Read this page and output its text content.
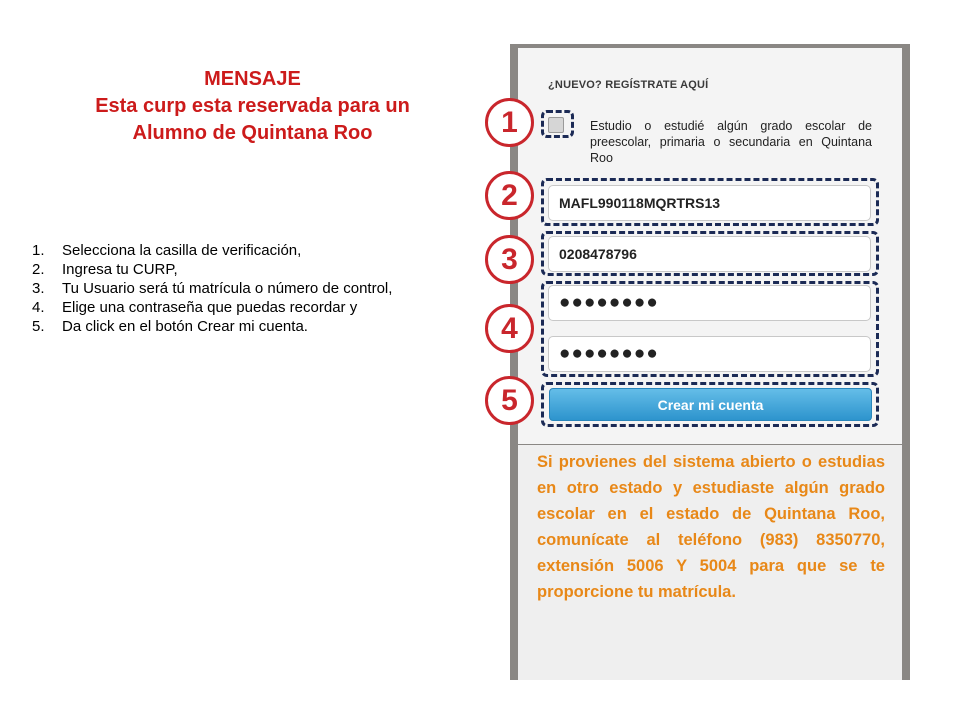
MENSAJE
Esta curp esta reservada para un
Alumno de Quintana Roo
1. Selecciona la casilla de verificación,
2. Ingresa tu CURP,
3. Tu Usuario será tú matrícula o número de control,
4. Elige una contraseña que puedas recordar y
5. Da click en el botón Crear mi cuenta.
¿NUEVO? REGÍSTRATE AQUÍ
Estudio o estudié algún grado escolar de preescolar, primaria o secundaria en Quintana Roo
MAFL990118MQRTRS13
0208478796
●●●●●●●●
●●●●●●●●
Crear mi cuenta
1
2
3
4
5
Si provienes del sistema abierto o estudias en otro estado y estudiaste algún grado escolar en el estado de Quintana Roo, comunícate al teléfono (983) 8350770, extensión 5006 Y 5004 para que se te proporcione tu matrícula.
